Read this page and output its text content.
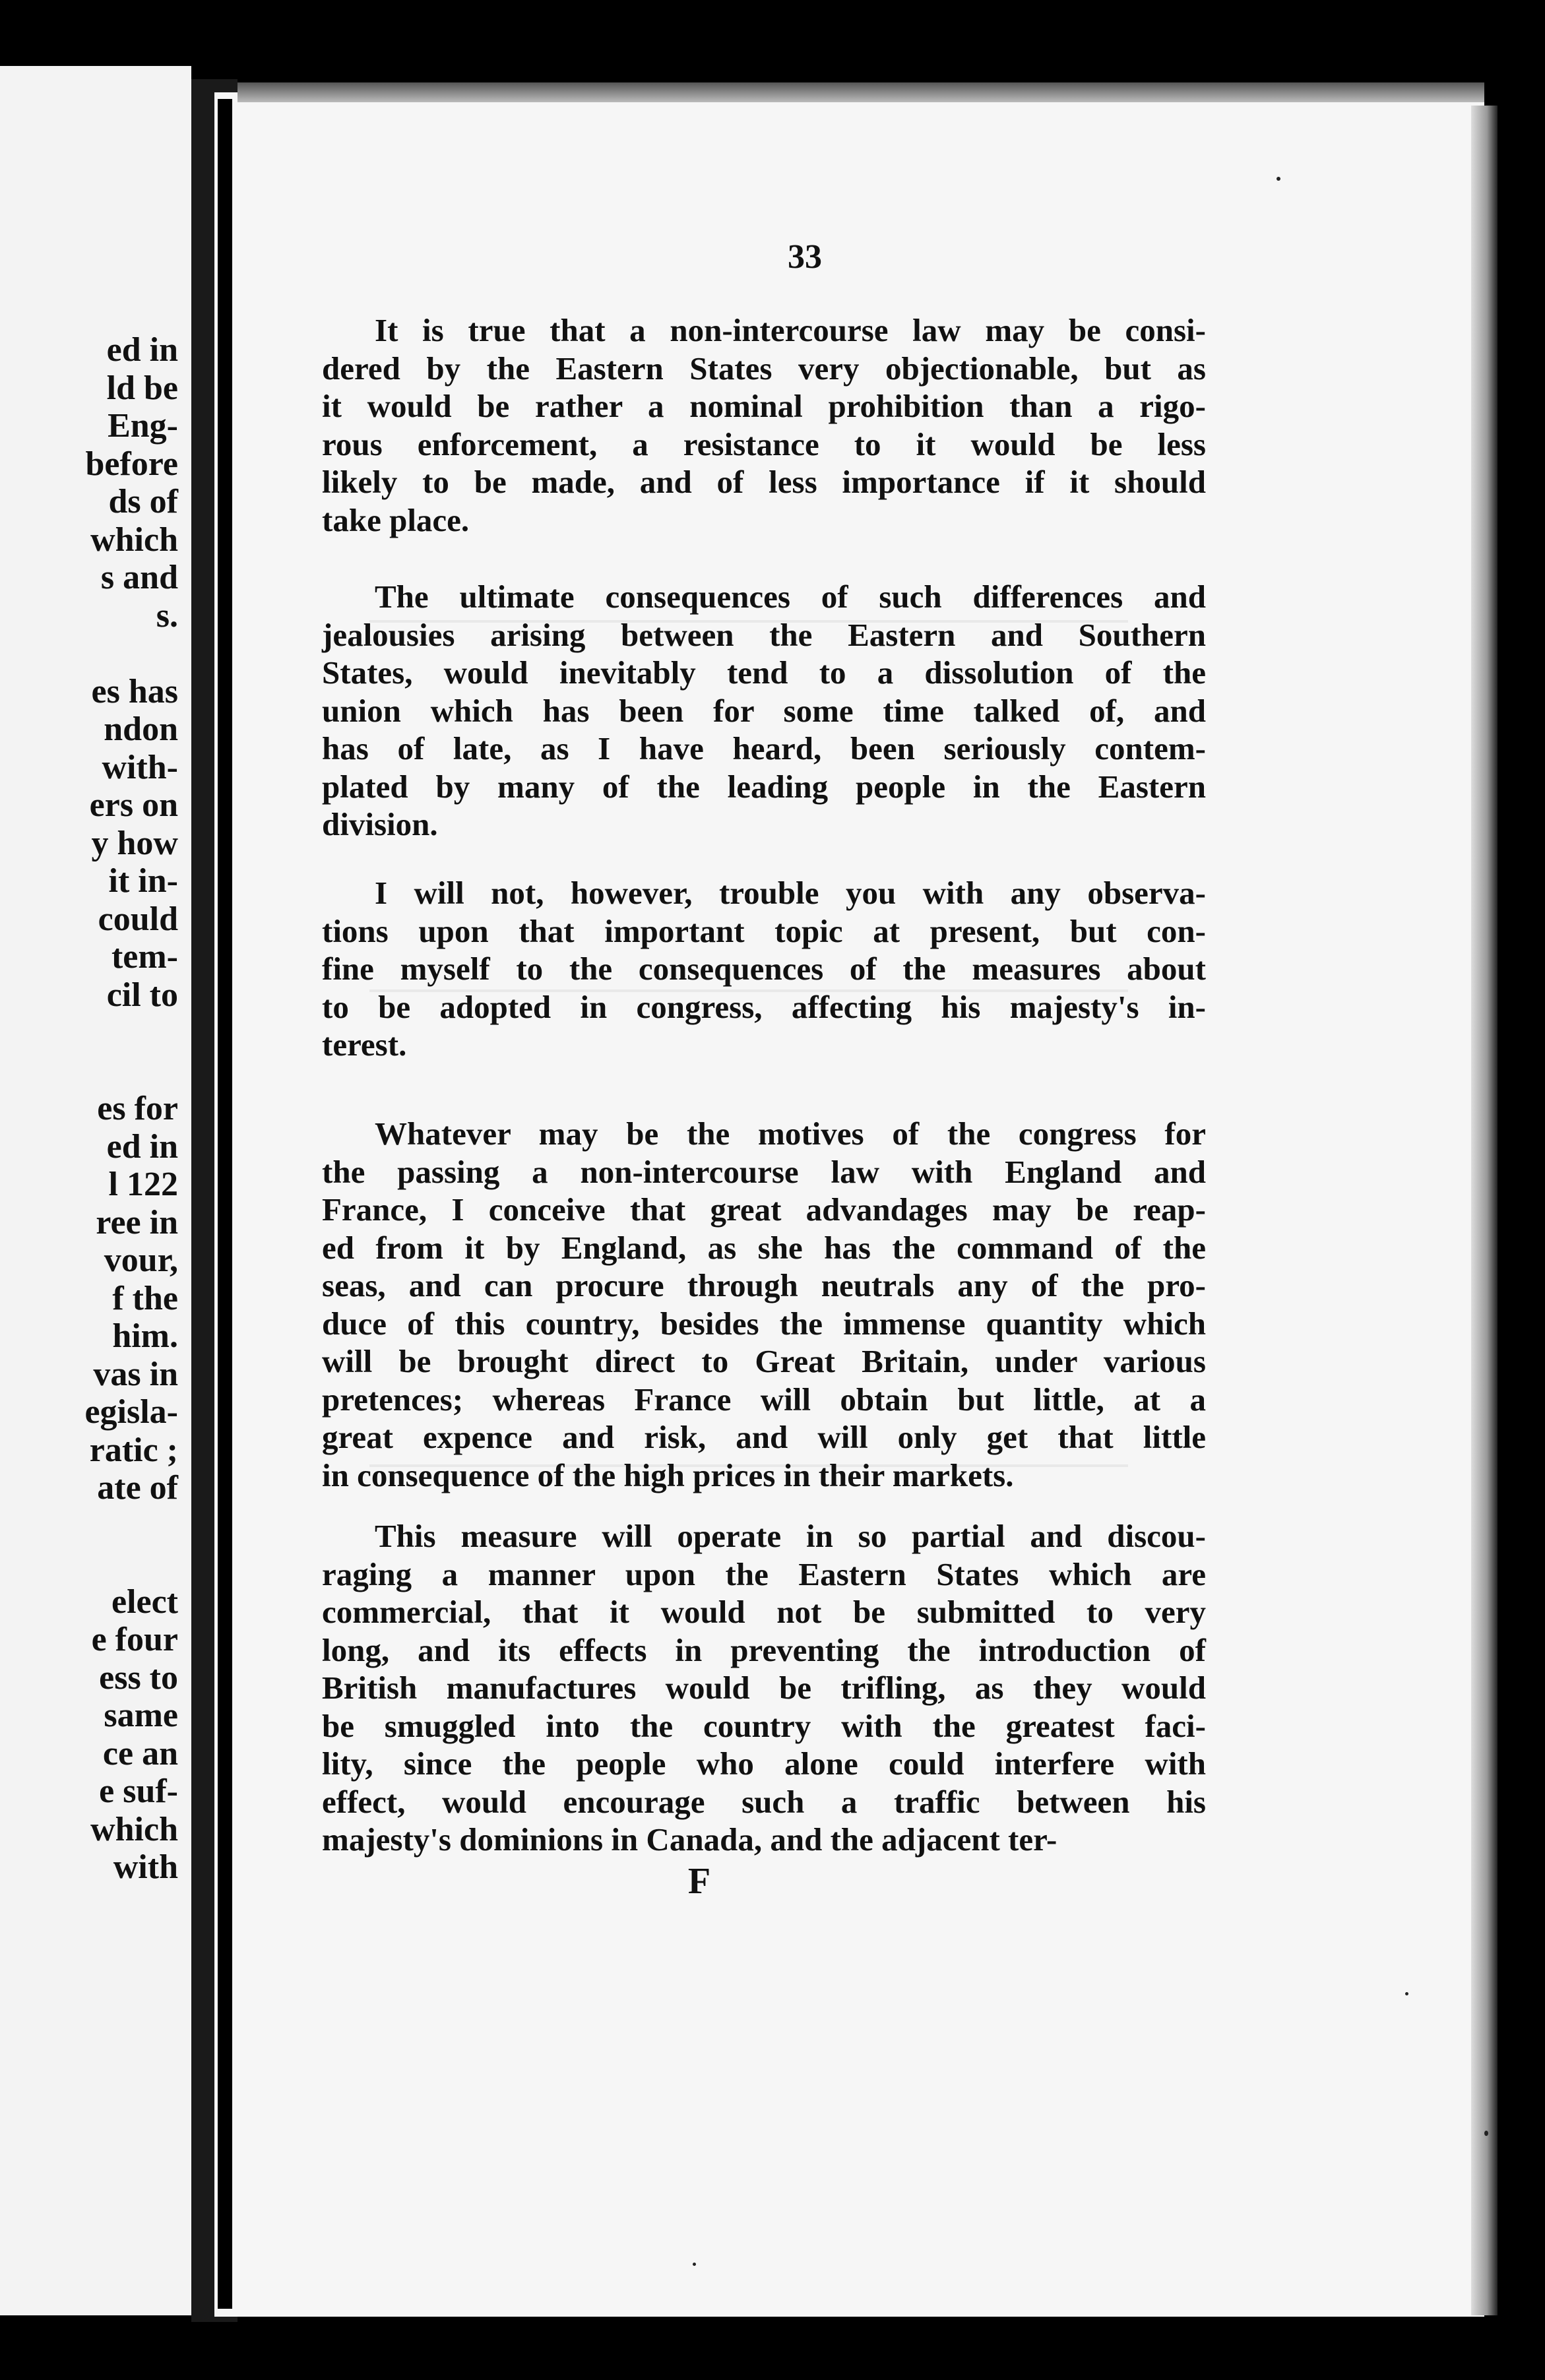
ed in
ld be
Eng-
before
ds of
which
s and
s.
es has
ndon
with-
ers on
y how
it in-
could
tem-
cil to
es for
ed in
l 122
ree in
vour,
f the
him.
vas in
egisla-
ratic ;
ate of
elect
e four
ess to
same
ce an
e suf-
which
with
33
It is true that a non-intercourse law may be consi-
dered by the Eastern States very objectionable, but as
it would be rather a nominal prohibition than a rigo-
rous enforcement, a resistance to it would be less
likely to be made, and of less importance if it should
take place.
The ultimate consequences of such differences and
jealousies arising between the Eastern and Southern
States, would inevitably tend to a dissolution of the
union which has been for some time talked of, and
has of late, as I have heard, been seriously contem-
plated by many of the leading people in the Eastern
division.
I will not, however, trouble you with any observa-
tions upon that important topic at present, but con-
fine myself to the consequences of the measures about
to be adopted in congress, affecting his majesty's in-
terest.
Whatever may be the motives of the congress for
the passing a non-intercourse law with England and
France, I conceive that great advandages may be reap-
ed from it by England, as she has the command of the
seas, and can procure through neutrals any of the pro-
duce of this country, besides the immense quantity which
will be brought direct to Great Britain, under various
pretences; whereas France will obtain but little, at a
great expence and risk, and will only get that little
in consequence of the high prices in their markets.
This measure will operate in so partial and discou-
raging a manner upon the Eastern States which are
commercial, that it would not be submitted to very
long, and its effects in preventing the introduction of
British manufactures would be trifling, as they would
be smuggled into the country with the greatest faci-
lity, since the people who alone could interfere with
effect, would encourage such a traffic between his
majesty's dominions in Canada, and the adjacent ter-
F
